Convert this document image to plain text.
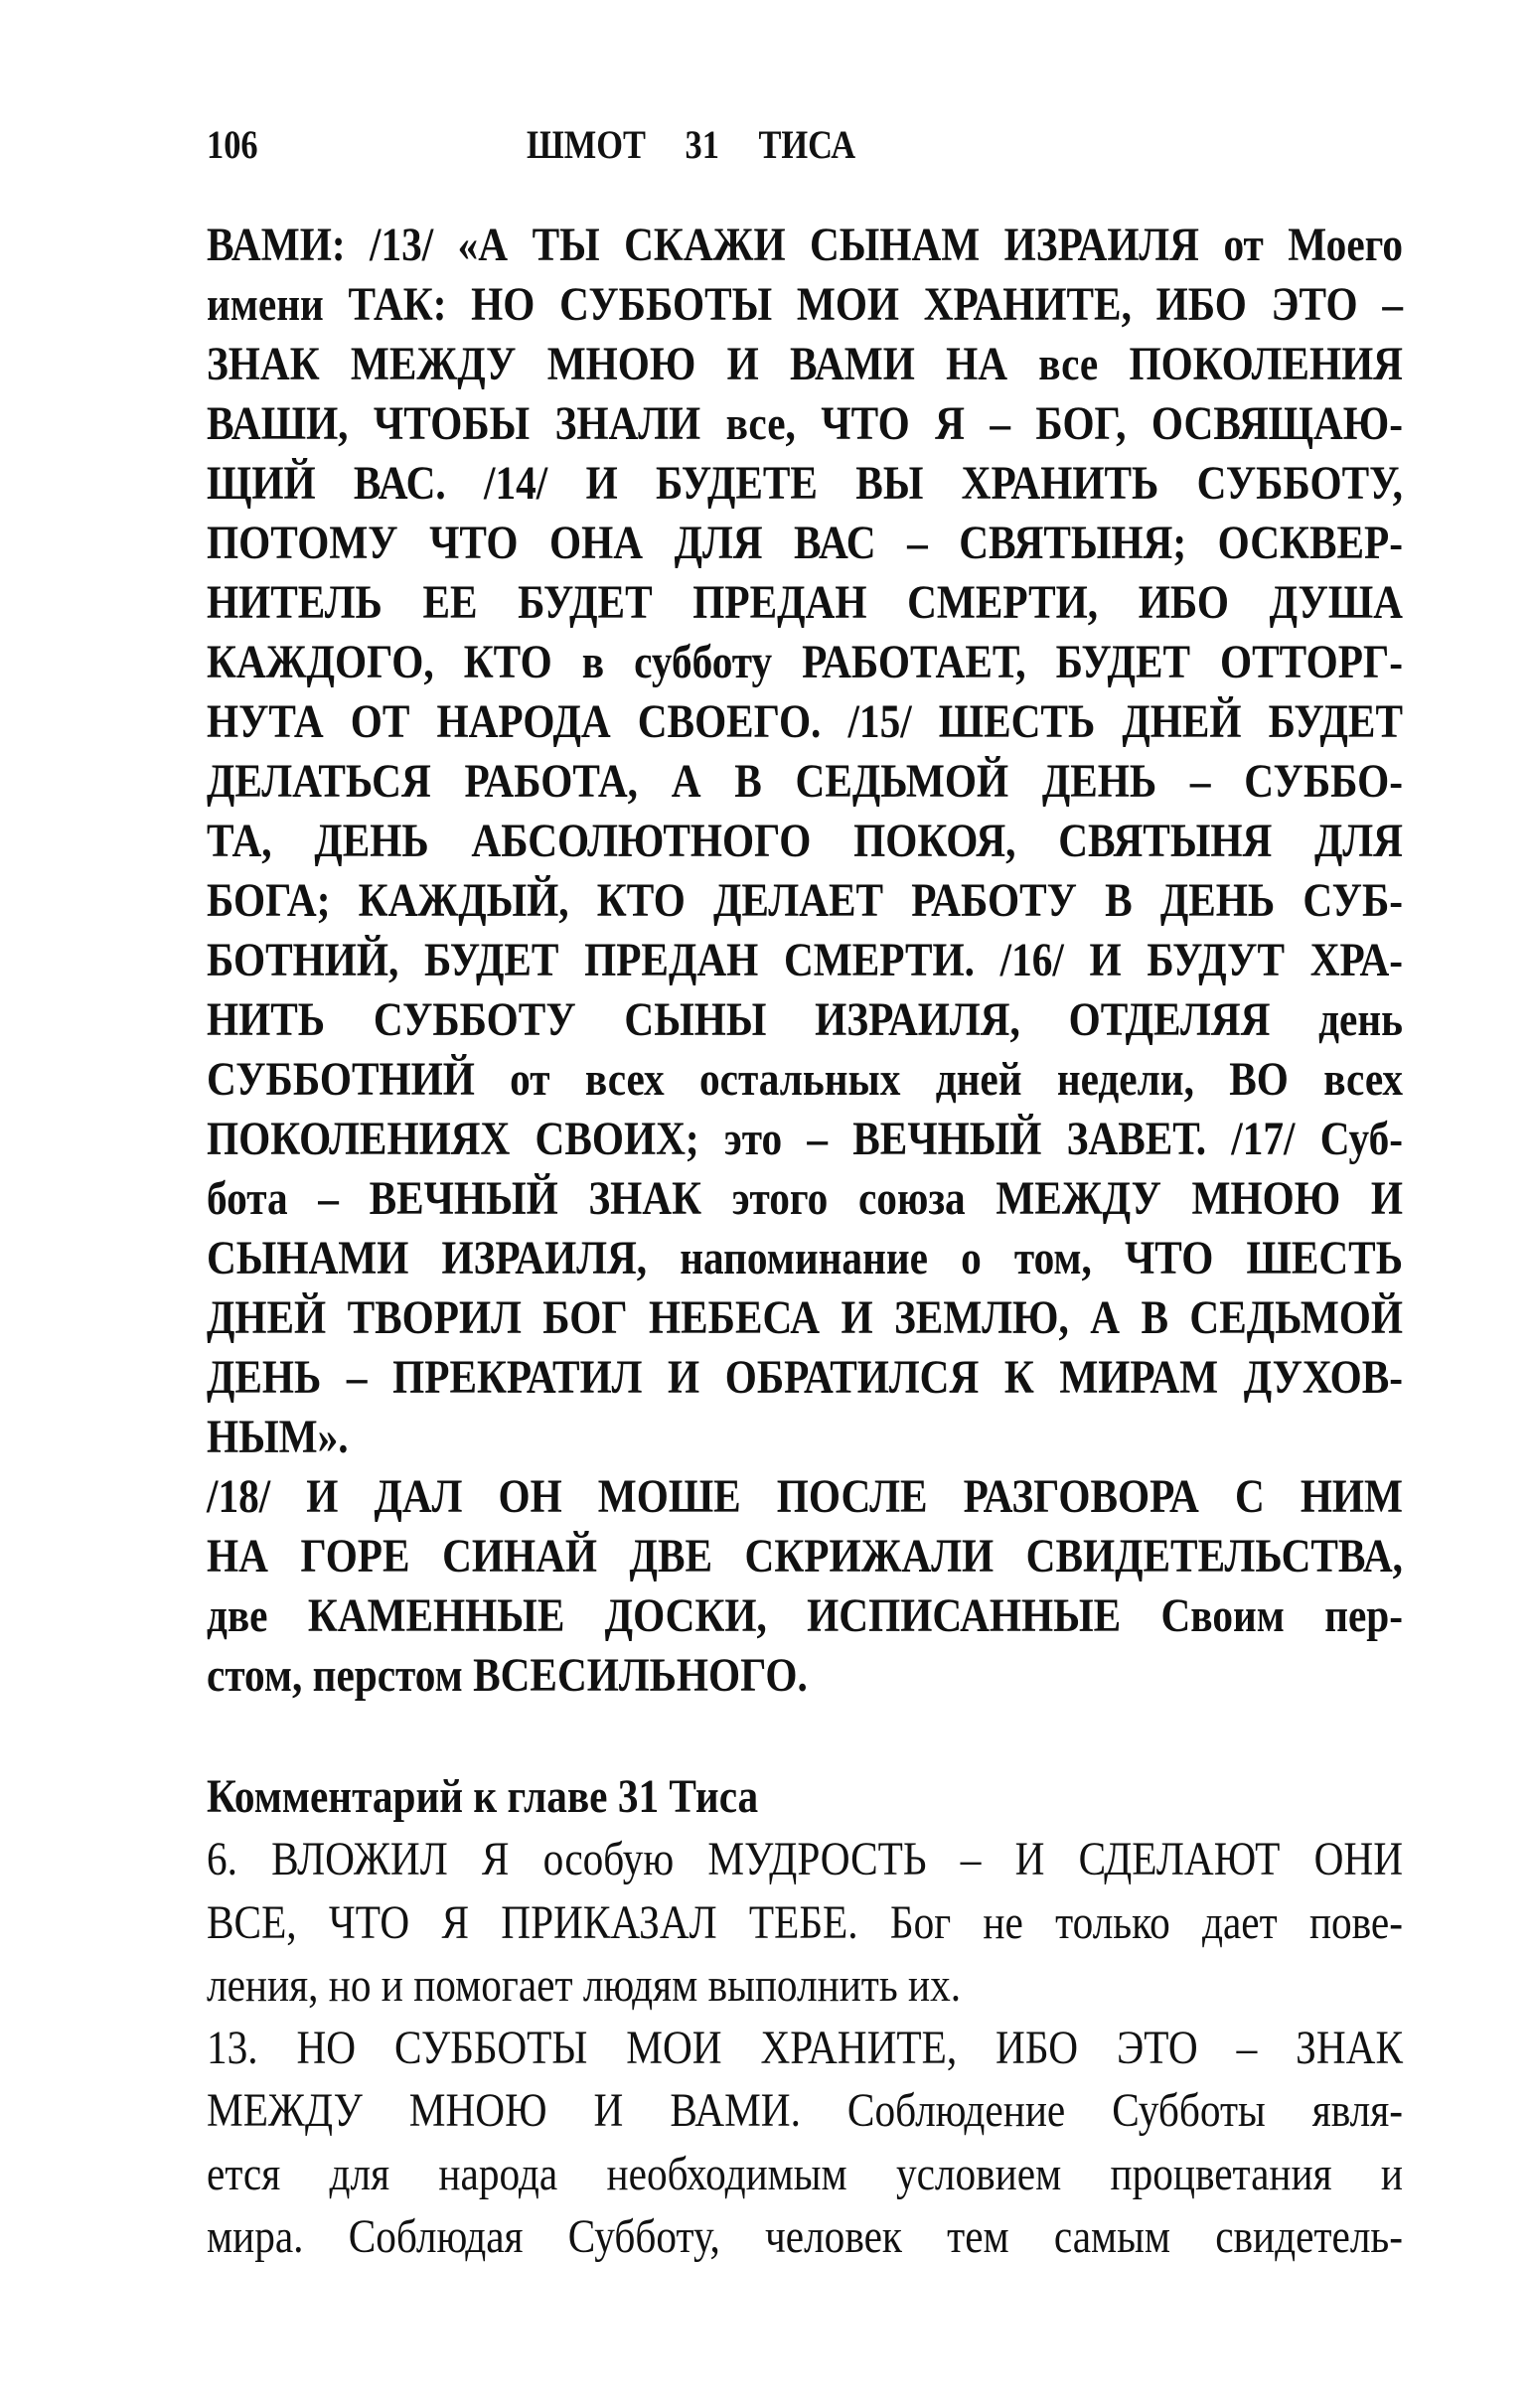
106	ШМОТ 31 ТИСА
ВАМИ: /13/ «А ТЫ СКАЖИ СЫНАМ ИЗРАИЛЯ от Моего
имени ТАК: НО СУББОТЫ МОИ ХРАНИТЕ, ИБО ЭТО –
ЗНАК МЕЖДУ МНОЮ И ВАМИ НА все ПОКОЛЕНИЯ
ВАШИ, ЧТОБЫ ЗНАЛИ все, ЧТО Я – БОГ, ОСВЯЩАЮ-
ЩИЙ ВАС. /14/ И БУДЕТЕ ВЫ ХРАНИТЬ СУББОТУ,
ПОТОМУ ЧТО ОНА ДЛЯ ВАС – СВЯТЫНЯ; ОСКВЕР-
НИТЕЛЬ ЕЕ БУДЕТ ПРЕДАН СМЕРТИ, ИБО ДУША
КАЖДОГО, КТО в субботу РАБОТАЕТ, БУДЕТ ОТТОРГ-
НУТА ОТ НАРОДА СВОЕГО. /15/ ШЕСТЬ ДНЕЙ БУДЕТ
ДЕЛАТЬСЯ РАБОТА, А В СЕДЬМОЙ ДЕНЬ – СУББО-
ТА, ДЕНЬ АБСОЛЮТНОГО ПОКОЯ, СВЯТЫНЯ ДЛЯ
БОГА; КАЖДЫЙ, КТО ДЕЛАЕТ РАБОТУ В ДЕНЬ СУБ-
БОТНИЙ, БУДЕТ ПРЕДАН СМЕРТИ. /16/ И БУДУТ ХРА-
НИТЬ СУББОТУ СЫНЫ ИЗРАИЛЯ, ОТДЕЛЯЯ день
СУББОТНИЙ от всех остальных дней недели, ВО всех
ПОКОЛЕНИЯХ СВОИХ; это – ВЕЧНЫЙ ЗАВЕТ. /17/ Суб-
бота – ВЕЧНЫЙ ЗНАК этого союза МЕЖДУ МНОЮ И
СЫНАМИ ИЗРАИЛЯ, напоминание о том, ЧТО ШЕСТЬ
ДНЕЙ ТВОРИЛ БОГ НЕБЕСА И ЗЕМЛЮ, А В СЕДЬМОЙ
ДЕНЬ – ПРЕКРАТИЛ И ОБРАТИЛСЯ К МИРАМ ДУХОВ-
НЫМ».
/18/ И ДАЛ ОН МОШЕ ПОСЛЕ РАЗГОВОРА С НИМ
НА ГОРЕ СИНАЙ ДВЕ СКРИЖАЛИ СВИДЕТЕЛЬСТВА,
две КАМЕННЫЕ ДОСКИ, ИСПИСАННЫЕ Своим пер-
стом, перстом ВСЕСИЛЬНОГО.
Комментарий к главе 31 Тиса
6. ВЛОЖИЛ Я особую МУДРОСТЬ – И СДЕЛАЮТ ОНИ
ВСЕ, ЧТО Я ПРИКАЗАЛ ТЕБЕ. Бог не только дает пове-
ления, но и помогает людям выполнить их.
13. НО СУББОТЫ МОИ ХРАНИТЕ, ИБО ЭТО – ЗНАК
МЕЖДУ МНОЮ И ВАМИ. Соблюдение Субботы явля-
ется для народа необходимым условием процветания и
мира. Соблюдая Субботу, человек тем самым свидетель-
